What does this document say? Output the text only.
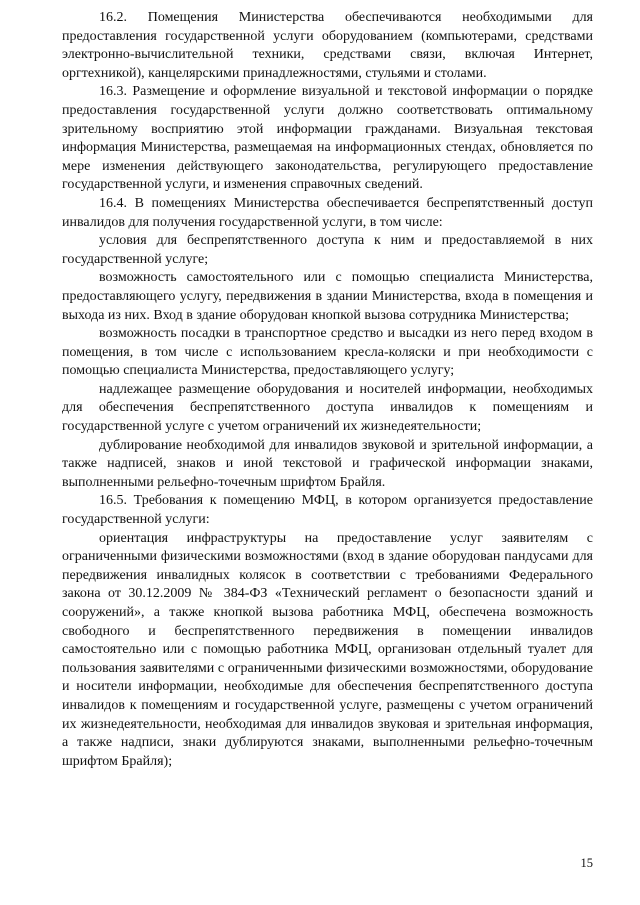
16.2. Помещения Министерства обеспечиваются необходимыми для предоставления государственной услуги оборудованием (компьютерами, средствами электронно-вычислительной техники, средствами связи, включая Интернет, оргтехникой), канцелярскими принадлежностями, стульями и столами.

16.3. Размещение и оформление визуальной и текстовой информации о порядке предоставления государственной услуги должно соответствовать оптимальному зрительному восприятию этой информации гражданами. Визуальная текстовая информация Министерства, размещаемая на информационных стендах, обновляется по мере изменения действующего законодательства, регулирующего предоставление государственной услуги, и изменения справочных сведений.

16.4. В помещениях Министерства обеспечивается беспрепятственный доступ инвалидов для получения государственной услуги, в том числе:

условия для беспрепятственного доступа к ним и предоставляемой в них государственной услуге;

возможность самостоятельного или с помощью специалиста Министерства, предоставляющего услугу, передвижения в здании Министерства, входа в помещения и выхода из них. Вход в здание оборудован кнопкой вызова сотрудника Министерства;

возможность посадки в транспортное средство и высадки из него перед входом в помещения, в том числе с использованием кресла-коляски и при необходимости с помощью специалиста Министерства, предоставляющего услугу;

надлежащее размещение оборудования и носителей информации, необходимых для обеспечения беспрепятственного доступа инвалидов к помещениям и государственной услуге с учетом ограничений их жизнедеятельности;

дублирование необходимой для инвалидов звуковой и зрительной информации, а также надписей, знаков и иной текстовой и графической информации знаками, выполненными рельефно-точечным шрифтом Брайля.

16.5. Требования к помещению МФЦ, в котором организуется предоставление государственной услуги:

ориентация инфраструктуры на предоставление услуг заявителям с ограниченными физическими возможностями (вход в здание оборудован пандусами для передвижения инвалидных колясок в соответствии с требованиями Федерального закона от 30.12.2009 № 384-ФЗ «Технический регламент о безопасности зданий и сооружений», а также кнопкой вызова работника МФЦ, обеспечена возможность свободного и беспрепятственного передвижения в помещении инвалидов самостоятельно или с помощью работника МФЦ, организован отдельный туалет для пользования заявителями с ограниченными физическими возможностями, оборудование и носители информации, необходимые для обеспечения беспрепятственного доступа инвалидов к помещениям и государственной услуге, размещены с учетом ограничений их жизнедеятельности, необходимая для инвалидов звуковая и зрительная информация, а также надписи, знаки дублируются знаками, выполненными рельефно-точечным шрифтом Брайля);

15
